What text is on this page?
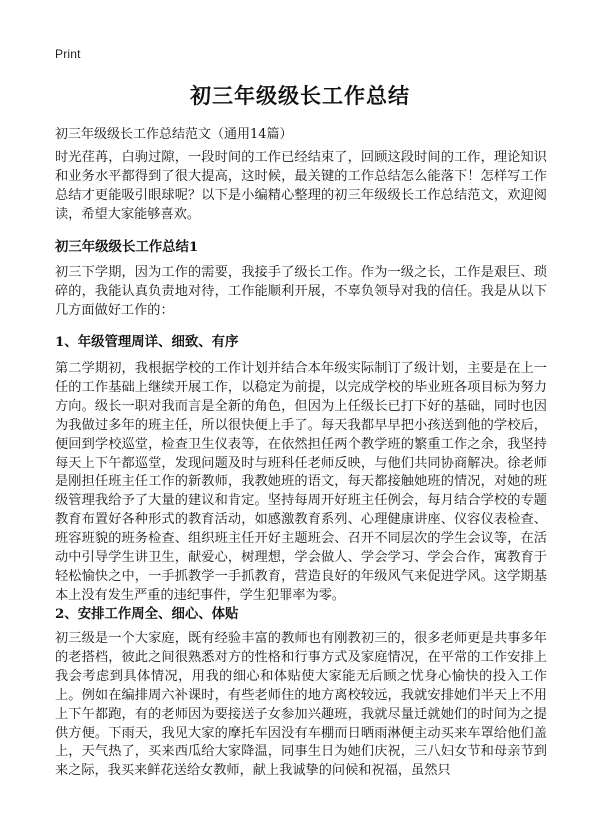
Print
初三年级级长工作总结
初三年级级长工作总结范文（通用14篇）

时光荏苒，白驹过隙，一段时间的工作已经结束了，回顾这段时间的工作，理论知识和业务水平都得到了很大提高，这时候，最关键的工作总结怎么能落下！怎样写工作总结才更能吸引眼球呢？以下是小编精心整理的初三年级级长工作总结范文，欢迎阅读，希望大家能够喜欢。

初三年级级长工作总结1

初三下学期，因为工作的需要，我接手了级长工作。作为一级之长，工作是艰巨、琐碎的，我能认真负责地对待，工作能顺利开展，不辜负领导对我的信任。我是从以下几方面做好工作的：

1、年级管理周详、细致、有序

第二学期初，我根据学校的工作计划并结合本年级实际制订了级计划，主要是在上一任的工作基础上继续开展工作，以稳定为前提，以完成学校的毕业班各项目标为努力方向。级长一职对我而言是全新的角色，但因为上任级长已打下好的基础，同时也因为我做过多年的班主任，所以很快便上手了。每天我都早早把小孩送到他的学校后，便回到学校巡堂，检查卫生仪表等，在依然担任两个教学班的繁重工作之余，我坚持每天上下午都巡堂，发现问题及时与班科任老师反映，与他们共同协商解决。徐老师是刚担任班主任工作的新教师，我教她班的语文，每天都接触她班的情况，对她的班级管理我给予了大量的建议和肯定。坚持每周开好班主任例会，每月结合学校的专题教育布置好各种形式的教育活动，如感激教育系列、心理健康讲座、仪容仪表检查、班容班貌的班务检查、组织班主任开好主题班会、召开不同层次的学生会议等，在活动中引导学生讲卫生，献爱心，树理想，学会做人、学会学习、学会合作，寓教育于轻松愉快之中，一手抓教学一手抓教育，营造良好的年级风气来促进学风。这学期基本上没有发生严重的违纪事件，学生犯罪率为零。

2、安排工作周全、细心、体贴

初三级是一个大家庭，既有经验丰富的教师也有刚教初三的，很多老师更是共事多年的老搭档，彼此之间很熟悉对方的性格和行事方式及家庭情况，在平常的工作安排上我会考虑到具体情况，用我的细心和体贴使大家能无后顾之忧身心愉快的投入工作上。例如在编排周六补课时，有些老师住的地方离校较远，我就安排她们半天上不用上下午都跑，有的老师因为要接送子女参加兴趣班，我就尽量迁就她们的时间为之提供方便。下雨天，我见大家的摩托车因没有车棚而日晒雨淋便主动买来车罩给他们盖上，天气热了，买来西瓜给大家降温，同事生日为她们庆祝，三八妇女节和母亲节到来之际，我买来鲜花送给女教师，献上我诚挚的问候和祝福，虽然只
